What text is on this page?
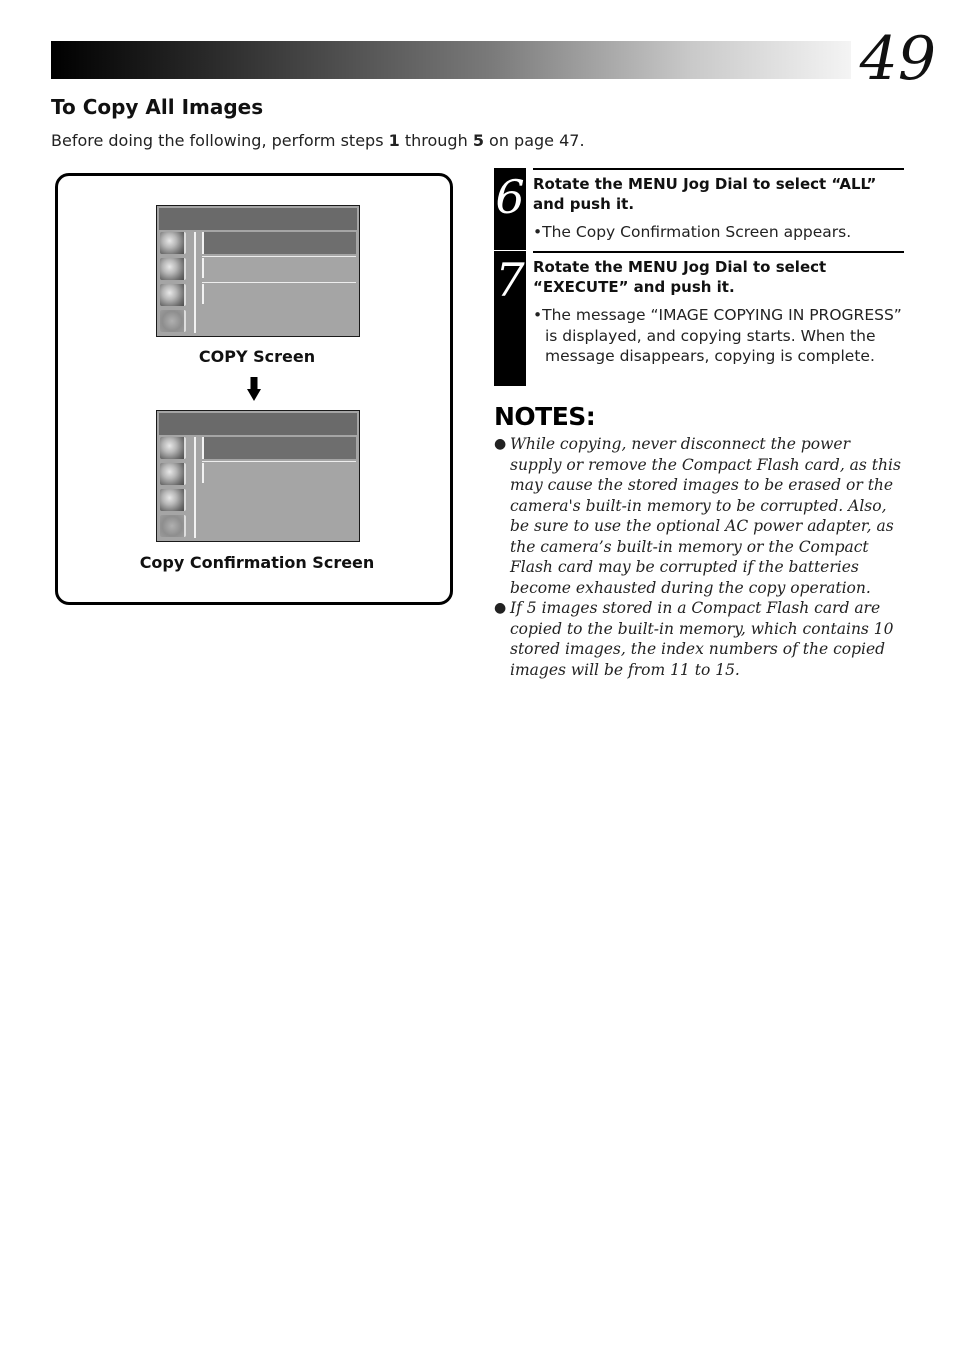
49
To Copy All Images
Before doing the following, perform steps 1 through 5 on page 47.
COPY Screen
Copy Confirmation Screen
6 Rotate the MENU Jog Dial to select “ALL” and push it.
•The Copy Confirmation Screen appears.
7 Rotate the MENU Jog Dial to select “EXECUTE” and push it.
•The message “IMAGE COPYING IN PROGRESS” is displayed, and copying starts. When the message disappears, copying is complete.
NOTES:
● While copying, never disconnect the power supply or remove the Compact Flash card, as this may cause the stored images to be erased or the camera's built-in memory to be corrupted. Also, be sure to use the optional AC power adapter, as the camera’s built-in memory or the Compact Flash card may be corrupted if the batteries become exhausted during the copy operation.
● If 5 images stored in a Compact Flash card are copied to the built-in memory, which contains 10 stored images, the index numbers of the copied images will be from 11 to 15.
